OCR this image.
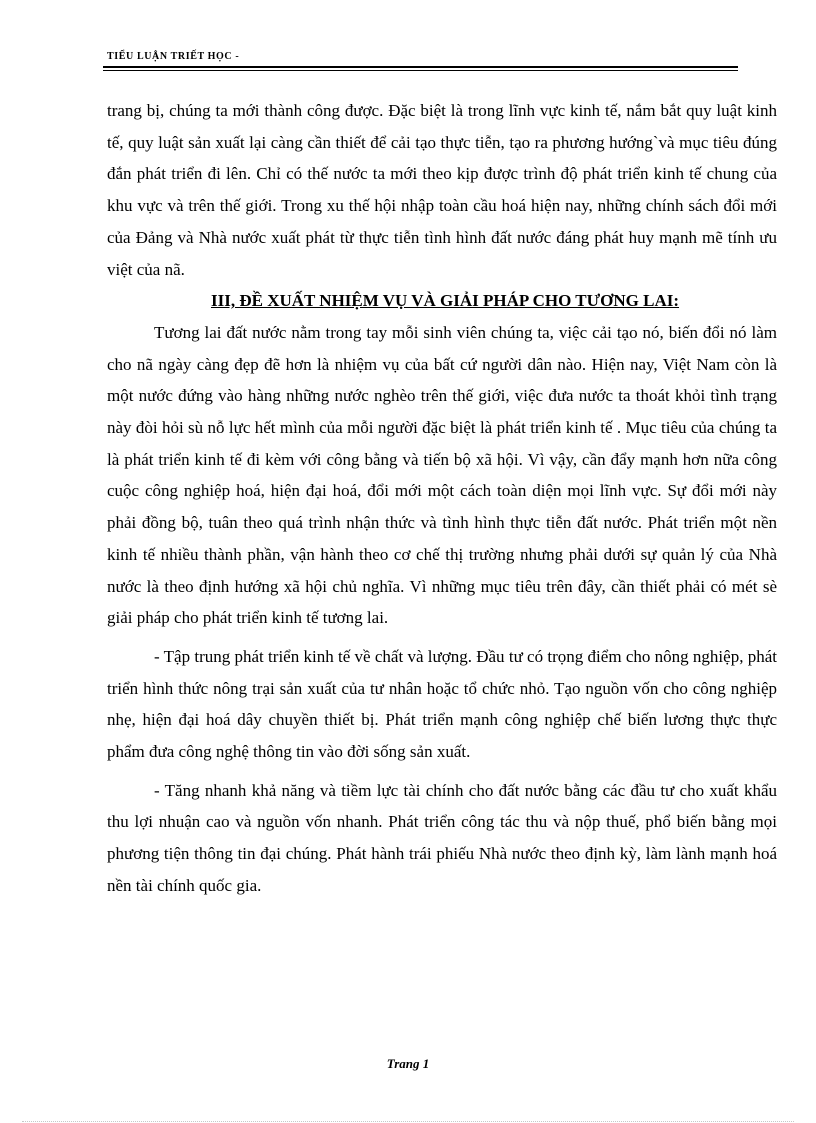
TIỂU LUẬN TRIẾT HỌC -

trang bị, chúng ta mới thành công được. Đặc biệt là trong lĩnh vực kinh tế, nắm bắt quy luật kinh tế, quy luật sản xuất lại càng cần thiết để cải tạo thực tiễn, tạo ra phương hướng`và mục tiêu đúng đắn phát triển đi lên. Chỉ có thế nước ta mới theo kịp được trình độ phát triển kinh tế chung của khu vực và trên thế giới. Trong xu thế hội nhập toàn cầu hoá hiện nay, những chính sách đổi mới của Đảng và Nhà nước xuất phát từ thực tiễn tình hình đất nước đáng phát huy mạnh mẽ tính ưu việt của nã.

III, ĐỀ XUẤT NHIỆM VỤ VÀ GIẢI PHÁP CHO TƯƠNG LAI:

Tương lai đất nước nằm trong tay mỗi sinh viên chúng ta, việc cải tạo nó, biến đổi nó làm cho nã ngày càng đẹp đẽ hơn là nhiệm vụ của bất cứ người dân nào. Hiện nay, Việt Nam còn là một nước đứng vào hàng những nước nghèo trên thế giới, việc đưa nước ta thoát khỏi tình trạng này đòi hỏi sù nỗ lực hết mình của mỗi người đặc biệt là phát triển kinh tế . Mục tiêu của chúng ta là phát triển kinh tế đi kèm với công bằng và tiến bộ xã hội. Vì vậy, cần đẩy mạnh hơn nữa công cuộc công nghiệp hoá, hiện đại hoá, đổi mới một cách toàn diện mọi lĩnh vực. Sự đổi mới này phải đồng bộ, tuân theo quá trình nhận thức và tình hình thực tiễn đất nước. Phát triển một nền kinh tế nhiều thành phần, vận hành theo cơ chế thị trường nhưng phải dưới sự quản lý của Nhà nước là theo định hướng xã hội chủ nghĩa. Vì những mục tiêu trên đây, cần thiết phải có mét sè giải pháp cho phát triển kinh tế tương lai.

- Tập trung phát triển kinh tế về chất và lượng. Đầu tư có trọng điểm cho nông nghiệp, phát triển hình thức nông trại sản xuất của tư nhân hoặc tổ chức nhỏ. Tạo nguồn vốn cho công nghiệp nhẹ, hiện đại hoá dây chuyền thiết bị. Phát triển mạnh công nghiệp chế biến lương thực thực phẩm đưa công nghệ thông tin vào đời sống sản xuất.

- Tăng nhanh khả năng và tiềm lực tài chính cho đất nước bằng các đầu tư cho xuất khẩu thu lợi nhuận cao và nguồn vốn nhanh. Phát triển công tác thu và nộp thuế, phổ biến bằng mọi phương tiện thông tin đại chúng. Phát hành trái phiếu Nhà nước theo định kỳ, làm lành mạnh hoá nền tài chính quốc gia.

Trang 1
